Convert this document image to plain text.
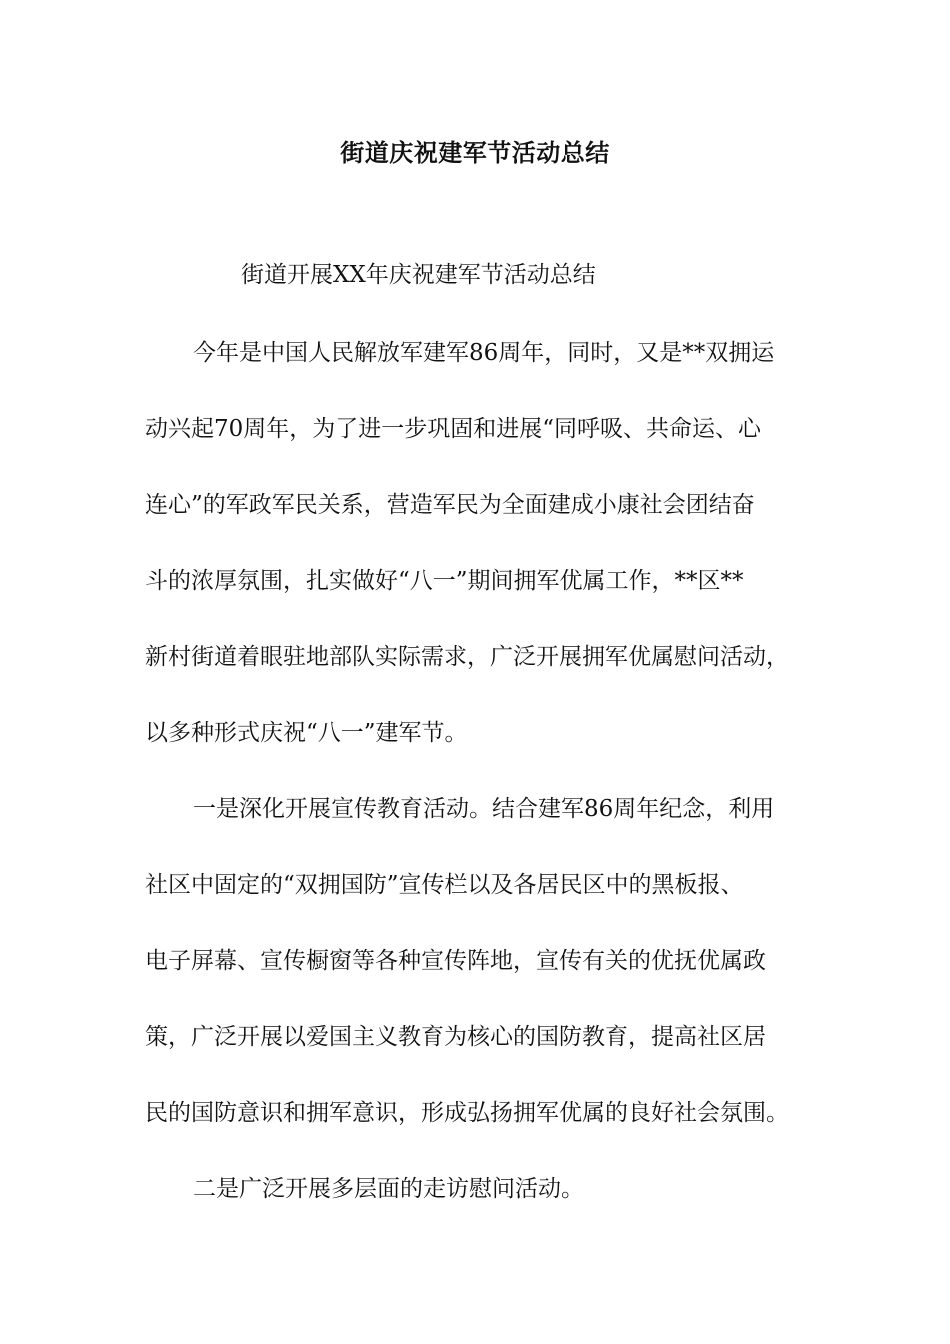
街道庆祝建军节活动总结
街道开展XX年庆祝建军节活动总结
今年是中国人民解放军建军86周年，同时，又是**双拥运
动兴起70周年，为了进一步巩固和进展“同呼吸、共命运、心
连心”的军政军民关系，营造军民为全面建成小康社会团结奋
斗的浓厚氛围，扎实做好“八一”期间拥军优属工作，**区**
新村街道着眼驻地部队实际需求，广泛开展拥军优属慰问活动，
以多种形式庆祝“八一”建军节。
一是深化开展宣传教育活动。结合建军86周年纪念，利用
社区中固定的“双拥国防”宣传栏以及各居民区中的黑板报、
电子屏幕、宣传橱窗等各种宣传阵地，宣传有关的优抚优属政
策，广泛开展以爱国主义教育为核心的国防教育，提高社区居
民的国防意识和拥军意识，形成弘扬拥军优属的良好社会氛围。
二是广泛开展多层面的走访慰问活动。
